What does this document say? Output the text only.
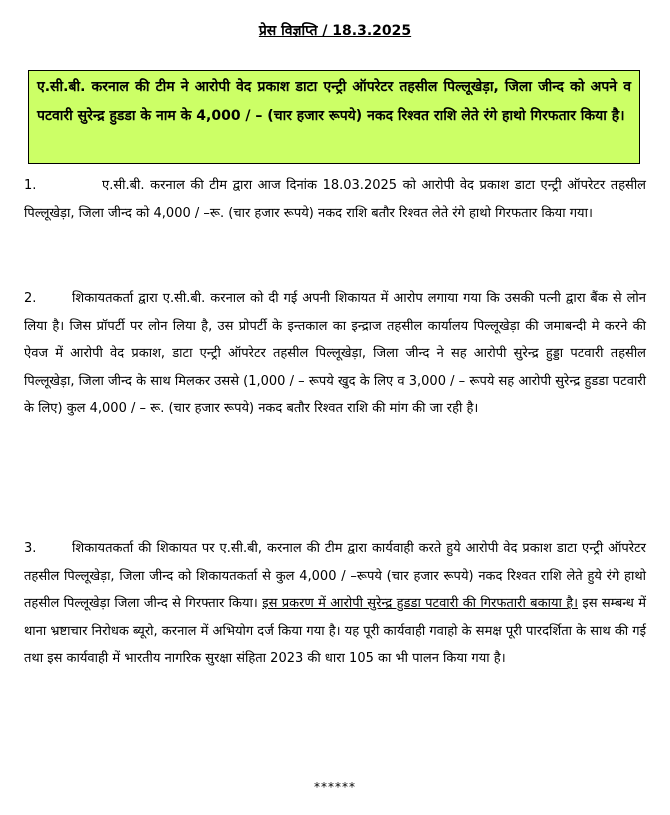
प्रेस विज्ञप्ति / 18.3.2025
ए.सी.बी. करनाल की टीम ने आरोपी वेद प्रकाश डाटा एन्ट्री ऑपरेटर तहसील पिल्लूखेड़ा, जिला जीन्द को अपने व पटवारी सुरेन्द्र हुडडा के नाम के 4,000 / – (चार हजार रूपये) नकद रिश्वत राशि लेते रंगे हाथो गिरफतार किया है।
1.	ए.सी.बी. करनाल की टीम द्वारा आज दिनांक 18.03.2025 को आरोपी वेद प्रकाश डाटा एन्ट्री ऑपरेटर तहसील पिल्लूखेड़ा, जिला जीन्द को 4,000 / –रू. (चार हजार रूपये) नकद राशि बतौर रिश्वत लेते रंगे हाथो गिरफतार किया गया।
2.	शिकायतकर्ता द्वारा ए.सी.बी. करनाल को दी गई अपनी शिकायत में आरोप लगाया गया कि उसकी पत्नी द्वारा बैंक से लोन लिया है। जिस प्रॉपर्टी पर लोन लिया है, उस प्रोपर्टी के इन्तकाल का इन्द्राज तहसील कार्यालय पिल्लूखेड़ा की जमाबन्दी मे करने की ऐवज में आरोपी वेद प्रकाश, डाटा एन्ट्री ऑपरेटर तहसील पिल्लूखेड़ा, जिला जीन्द ने सह आरोपी सुरेन्द्र हुड्डा पटवारी तहसील पिल्लूखेड़ा, जिला जीन्द के साथ मिलकर उससे (1,000 / – रूपये खुद के लिए व 3,000 / – रूपये सह आरोपी सुरेन्द्र हुडडा पटवारी के लिए) कुल 4,000 / – रू. (चार हजार रूपये) नकद बतौर रिश्वत राशि की मांग की जा रही है।
3.	शिकायतकर्ता की शिकायत पर ए.सी.बी, करनाल की टीम द्वारा कार्यवाही करते हुये आरोपी वेद प्रकाश डाटा एन्ट्री ऑपरेटर तहसील पिल्लूखेड़ा, जिला जीन्द को शिकायतकर्ता से कुल 4,000 / –रूपये (चार हजार रूपये) नकद रिश्वत राशि लेते हुये रंगे हाथो तहसील पिल्लूखेड़ा जिला जीन्द से गिरफ्तार किया। इस प्रकरण में आरोपी सुरेन्द्र हुडडा पटवारी की गिरफतारी बकाया है। इस सम्बन्ध में थाना भ्रष्टाचार निरोधक ब्यूरो, करनाल में अभियोग दर्ज किया गया है। यह पूरी कार्यवाही गवाहो के समक्ष पूरी पारदर्शिता के साथ की गई तथा इस कार्यवाही में भारतीय नागरिक सुरक्षा संहिता 2023 की धारा 105 का भी पालन किया गया है।
******
